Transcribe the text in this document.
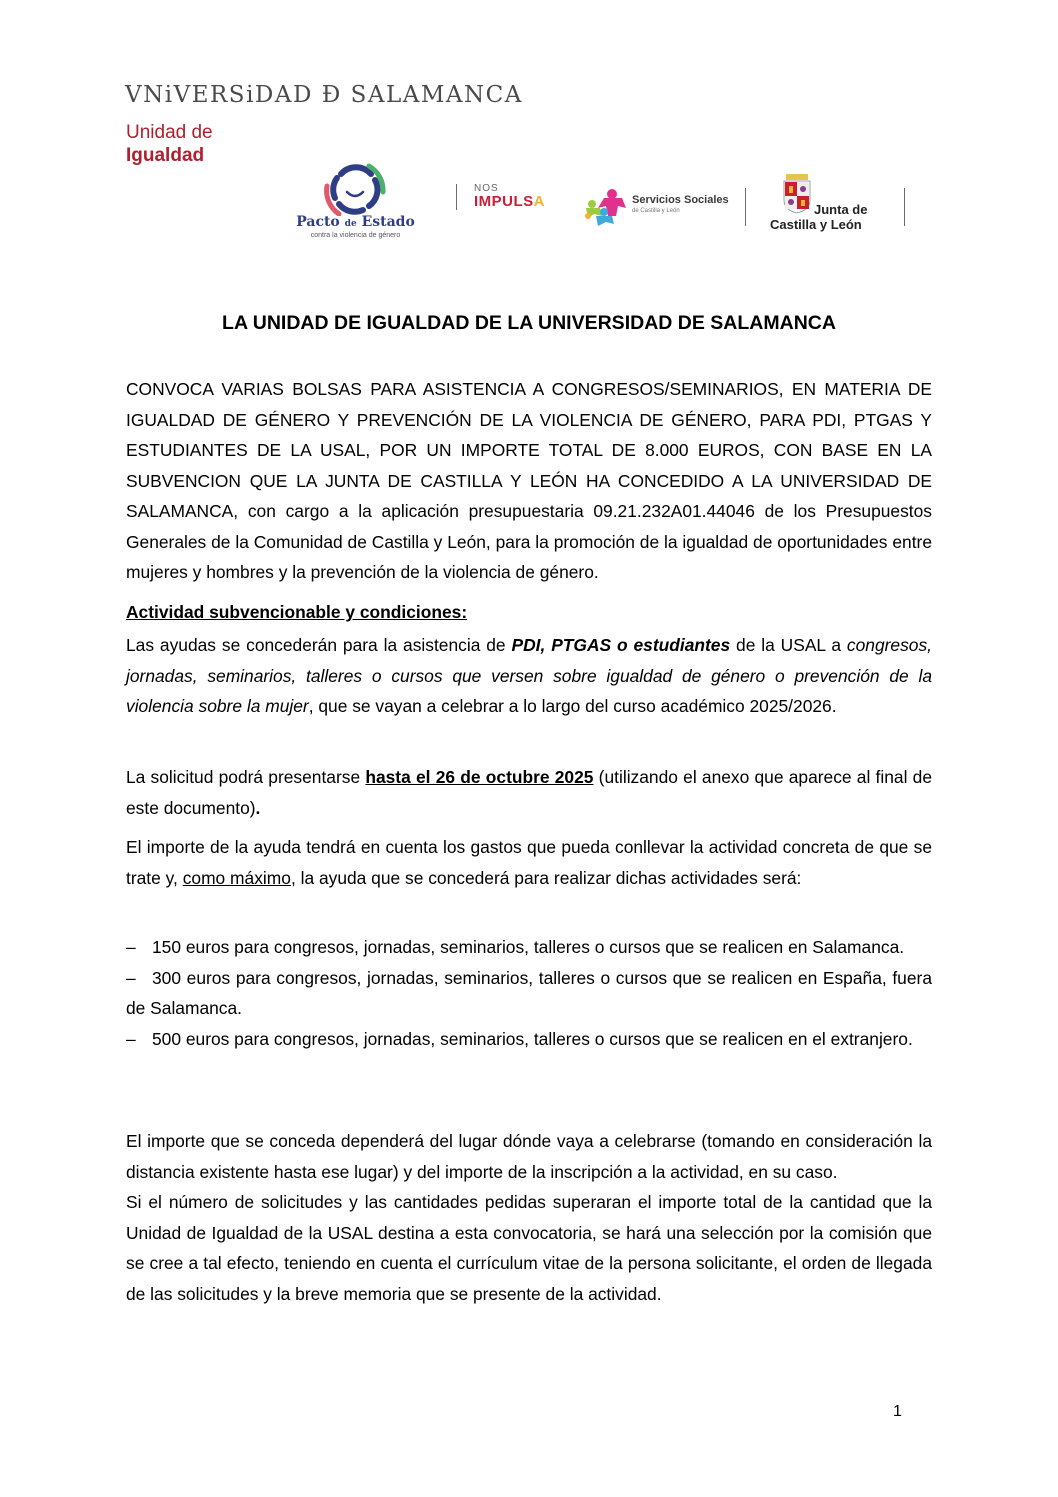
VNiVERSiDAD Ð SALAMANCA
Unidad de
Igualdad
Pacto de Estado
contra la violencia de género
NOS
IMPULSA	Servicios Sociales
de Castilla y León	Junta de
Castilla y León
LA UNIDAD DE IGUALDAD DE LA UNIVERSIDAD DE SALAMANCA

CONVOCA VARIAS BOLSAS PARA ASISTENCIA A CONGRESOS/SEMINARIOS, EN MATERIA DE IGUALDAD DE GÉNERO Y PREVENCIÓN DE LA VIOLENCIA DE GÉNERO, PARA PDI, PTGAS Y ESTUDIANTES DE LA USAL, POR UN IMPORTE TOTAL DE 8.000 EUROS, CON BASE EN LA SUBVENCION QUE LA JUNTA DE CASTILLA Y LEÓN HA CONCEDIDO A LA UNIVERSIDAD DE SALAMANCA, con cargo a la aplicación presupuestaria 09.21.232A01.44046 de los Presupuestos Generales de la Comunidad de Castilla y León, para la promoción de la igualdad de oportunidades entre mujeres y hombres y la prevención de la violencia de género.

Actividad subvencionable y condiciones:

Las ayudas se concederán para la asistencia de PDI, PTGAS o estudiantes de la USAL a congresos, jornadas, seminarios, talleres o cursos que versen sobre igualdad de género o prevención de la violencia sobre la mujer, que se vayan a celebrar a lo largo del curso académico 2025/2026.

La solicitud podrá presentarse hasta el 26 de octubre 2025 (utilizando el anexo que aparece al final de este documento).

El importe de la ayuda tendrá en cuenta los gastos que pueda conllevar la actividad concreta de que se trate y, como máximo, la ayuda que se concederá para realizar dichas actividades será:

– 150 euros para congresos, jornadas, seminarios, talleres o cursos que se realicen en Salamanca.
– 300 euros para congresos, jornadas, seminarios, talleres o cursos que se realicen en España, fuera de Salamanca.
– 500 euros para congresos, jornadas, seminarios, talleres o cursos que se realicen en el extranjero.

El importe que se conceda dependerá del lugar dónde vaya a celebrarse (tomando en consideración la distancia existente hasta ese lugar) y del importe de la inscripción a la actividad, en su caso.

Si el número de solicitudes y las cantidades pedidas superaran el importe total de la cantidad que la Unidad de Igualdad de la USAL destina a esta convocatoria, se hará una selección por la comisión que se cree a tal efecto, teniendo en cuenta el currículum vitae de la persona solicitante, el orden de llegada de las solicitudes y la breve memoria que se presente de la actividad.

1
